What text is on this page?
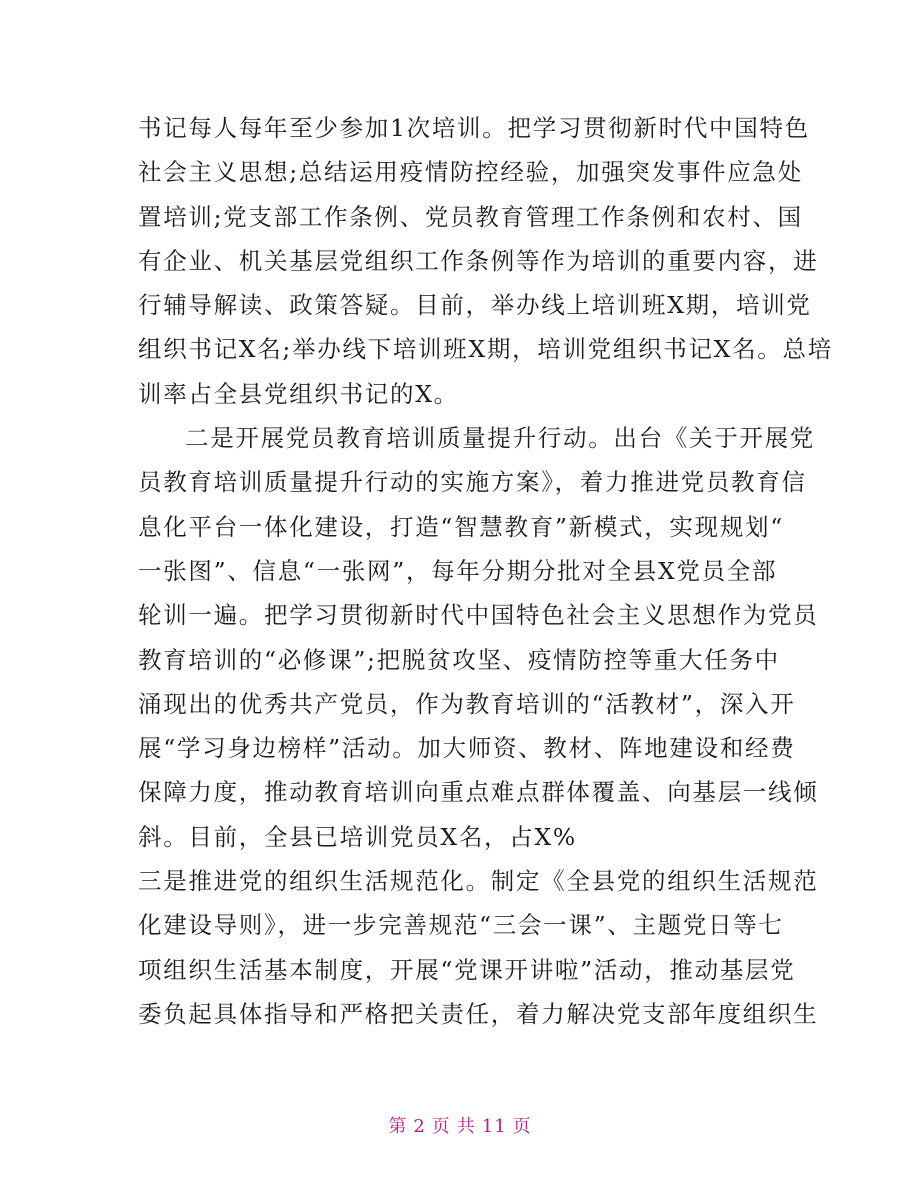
书记每人每年至少参加1次培训。把学习贯彻新时代中国特色
社会主义思想;总结运用疫情防控经验，加强突发事件应急处
置培训;党支部工作条例、党员教育管理工作条例和农村、国
有企业、机关基层党组织工作条例等作为培训的重要内容，进
行辅导解读、政策答疑。目前，举办线上培训班X期，培训党
组织书记X名;举办线下培训班X期，培训党组织书记X名。总培
训率占全县党组织书记的X。
二是开展党员教育培训质量提升行动。出台《关于开展党
员教育培训质量提升行动的实施方案》，着力推进党员教育信
息化平台一体化建设，打造“智慧教育”新模式，实现规划“
一张图”、信息“一张网”，每年分期分批对全县X党员全部
轮训一遍。把学习贯彻新时代中国特色社会主义思想作为党员
教育培训的“必修课”;把脱贫攻坚、疫情防控等重大任务中
涌现出的优秀共产党员，作为教育培训的“活教材”，深入开
展“学习身边榜样”活动。加大师资、教材、阵地建设和经费
保障力度，推动教育培训向重点难点群体覆盖、向基层一线倾
斜。目前，全县已培训党员X名，占X%
三是推进党的组织生活规范化。制定《全县党的组织生活规范
化建设导则》，进一步完善规范“三会一课”、主题党日等七
项组织生活基本制度，开展“党课开讲啦”活动，推动基层党
委负起具体指导和严格把关责任，着力解决党支部年度组织生
第 2 页 共 11 页
